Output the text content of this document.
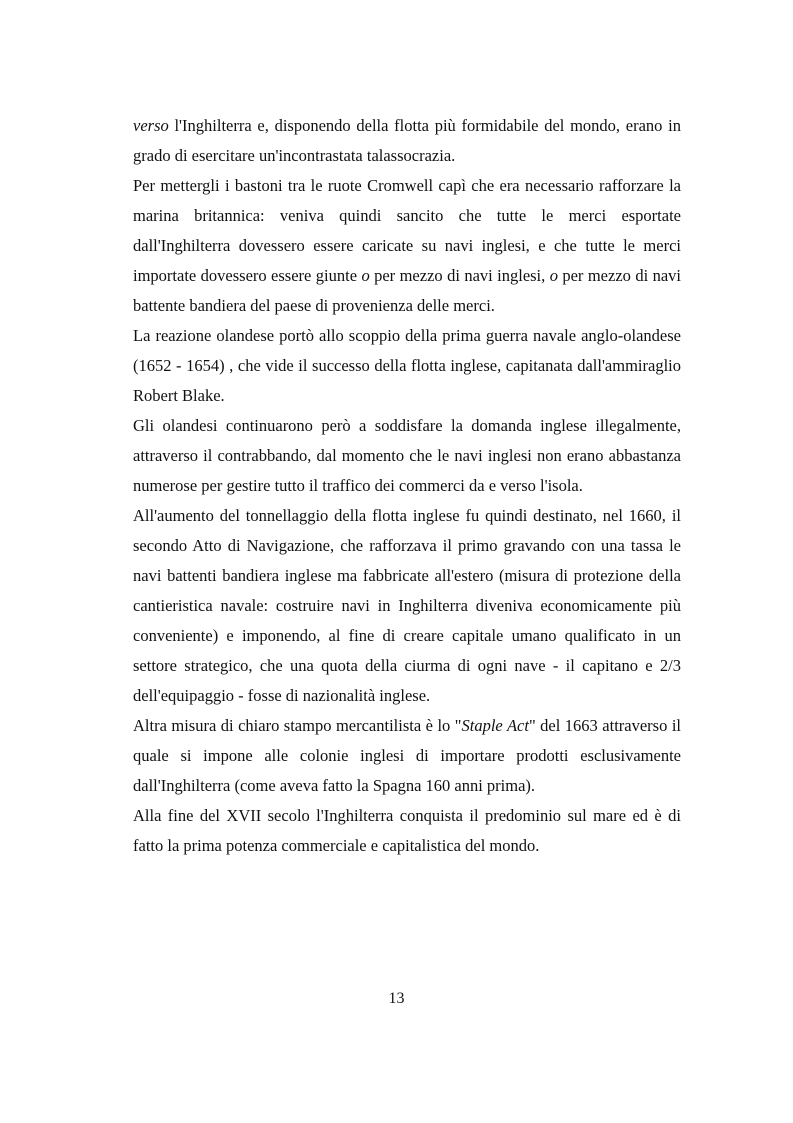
verso l'Inghilterra e, disponendo della flotta più formidabile del mondo, erano in grado di esercitare un'incontrastata talassocrazia.

Per mettergli i bastoni tra le ruote Cromwell capì che era necessario rafforzare la marina britannica: veniva quindi sancito che tutte le merci esportate dall'Inghilterra dovessero essere caricate su navi inglesi, e che tutte le merci importate dovessero essere giunte o per mezzo di navi inglesi, o per mezzo di navi battente bandiera del paese di provenienza delle merci.

La reazione olandese portò allo scoppio della prima guerra navale anglo-olandese (1652 - 1654) , che vide il successo della flotta inglese, capitanata dall'ammiraglio Robert Blake.

Gli olandesi continuarono però a soddisfare la domanda inglese illegalmente, attraverso il contrabbando, dal momento che le navi inglesi non erano abbastanza numerose per gestire tutto il traffico dei commerci da e verso l'isola.

All'aumento del tonnellaggio della flotta inglese fu quindi destinato, nel 1660, il secondo Atto di Navigazione, che rafforzava il primo gravando con una tassa le navi battenti bandiera inglese ma fabbricate all'estero (misura di protezione della cantieristica navale: costruire navi in Inghilterra diveniva economicamente più conveniente) e imponendo, al fine di creare capitale umano qualificato in un settore strategico, che una quota della ciurma di ogni nave - il capitano e 2/3 dell'equipaggio - fosse di nazionalità inglese.

Altra misura di chiaro stampo mercantilista è lo "Staple Act" del 1663 attraverso il quale si impone alle colonie inglesi di importare prodotti esclusivamente dall'Inghilterra (come aveva fatto la Spagna 160 anni prima).

Alla fine del XVII secolo l'Inghilterra conquista il predominio sul mare ed è di fatto la prima potenza commerciale e capitalistica del mondo.

13
